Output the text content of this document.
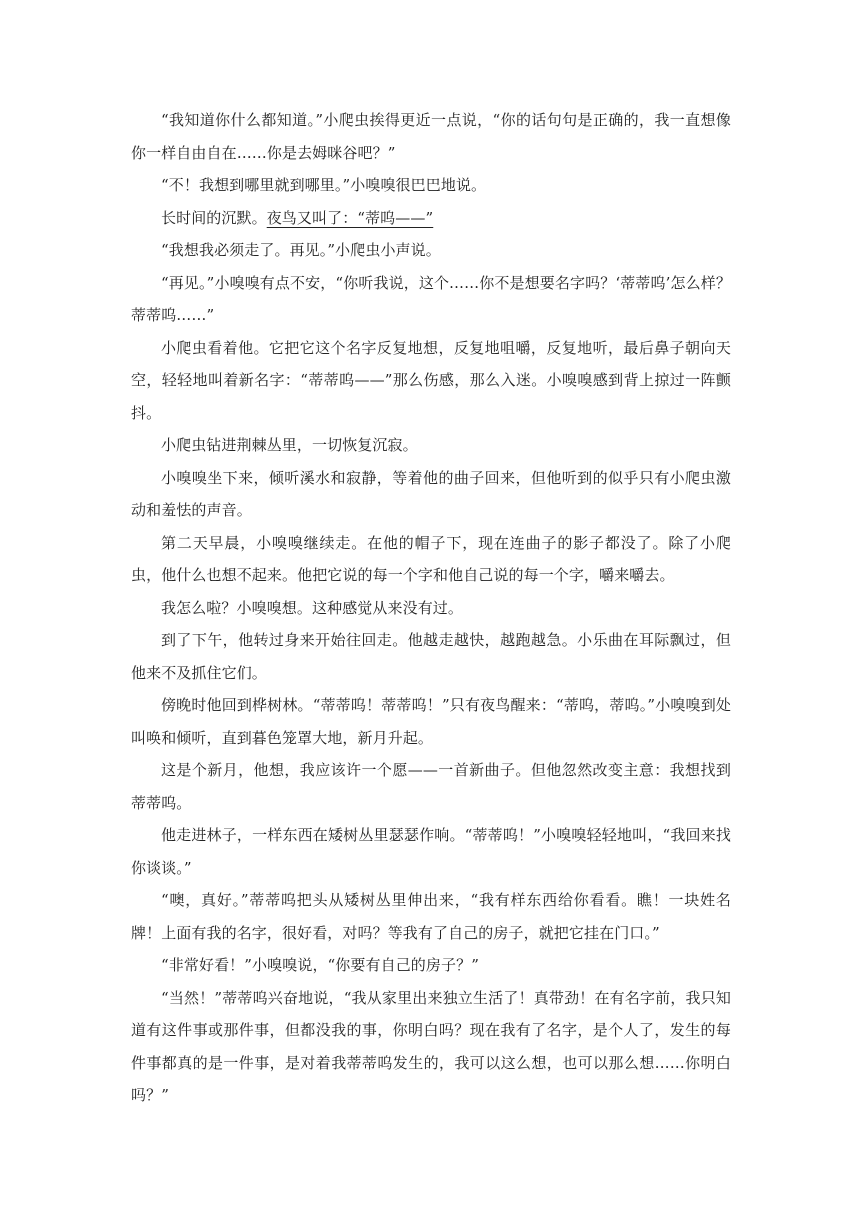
“我知道你什么都知道。”小爬虫挨得更近一点说，“你的话句句是正确的，我一直想像你一样自由自在……你是去姆咪谷吧？”

“不！我想到哪里就到哪里。”小嗅嗅很巴巴地说。

长时间的沉默。夜鸟又叫了：“蒂呜——”

“我想我必须走了。再见。”小爬虫小声说。

“再见。”小嗅嗅有点不安，“你听我说，这个……你不是想要名字吗？‘蒂蒂呜’怎么样？蒂蒂呜……”

小爬虫看着他。它把它这个名字反复地想，反复地咀嚼，反复地听，最后鼻子朝向天空，轻轻地叫着新名字：“蒂蒂呜——”那么伤感，那么入迷。小嗅嗅感到背上掠过一阵颤抖。

小爬虫钻进荆棘丛里，一切恢复沉寂。

小嗅嗅坐下来，倾听溪水和寂静，等着他的曲子回来，但他听到的似乎只有小爬虫激动和羞怯的声音。

第二天早晨，小嗅嗅继续走。在他的帽子下，现在连曲子的影子都没了。除了小爬虫，他什么也想不起来。他把它说的每一个字和他自己说的每一个字，嚼来嚼去。

我怎么啦？小嗅嗅想。这种感觉从来没有过。

到了下午，他转过身来开始往回走。他越走越快，越跑越急。小乐曲在耳际飘过，但他来不及抓住它们。

傍晚时他回到桦树林。“蒂蒂呜！蒂蒂呜！”只有夜鸟醒来：“蒂呜，蒂呜。”小嗅嗅到处叫唤和倾听，直到暮色笼罩大地，新月升起。

这是个新月，他想，我应该许一个愿——一首新曲子。但他忽然改变主意：我想找到蒂蒂呜。

他走进林子，一样东西在矮树丛里瑟瑟作响。“蒂蒂呜！”小嗅嗅轻轻地叫，“我回来找你谈谈。”

“噢，真好。”蒂蒂呜把头从矮树丛里伸出来，“我有样东西给你看看。瞧！一块姓名牌！上面有我的名字，很好看，对吗？等我有了自己的房子，就把它挂在门口。”

“非常好看！”小嗅嗅说，“你要有自己的房子？”

“当然！”蒂蒂呜兴奋地说，“我从家里出来独立生活了！真带劲！在有名字前，我只知道有这件事或那件事，但都没我的事，你明白吗？现在我有了名字，是个人了，发生的每件事都真的是一件事，是对着我蒂蒂呜发生的，我可以这么想，也可以那么想……你明白吗？”
